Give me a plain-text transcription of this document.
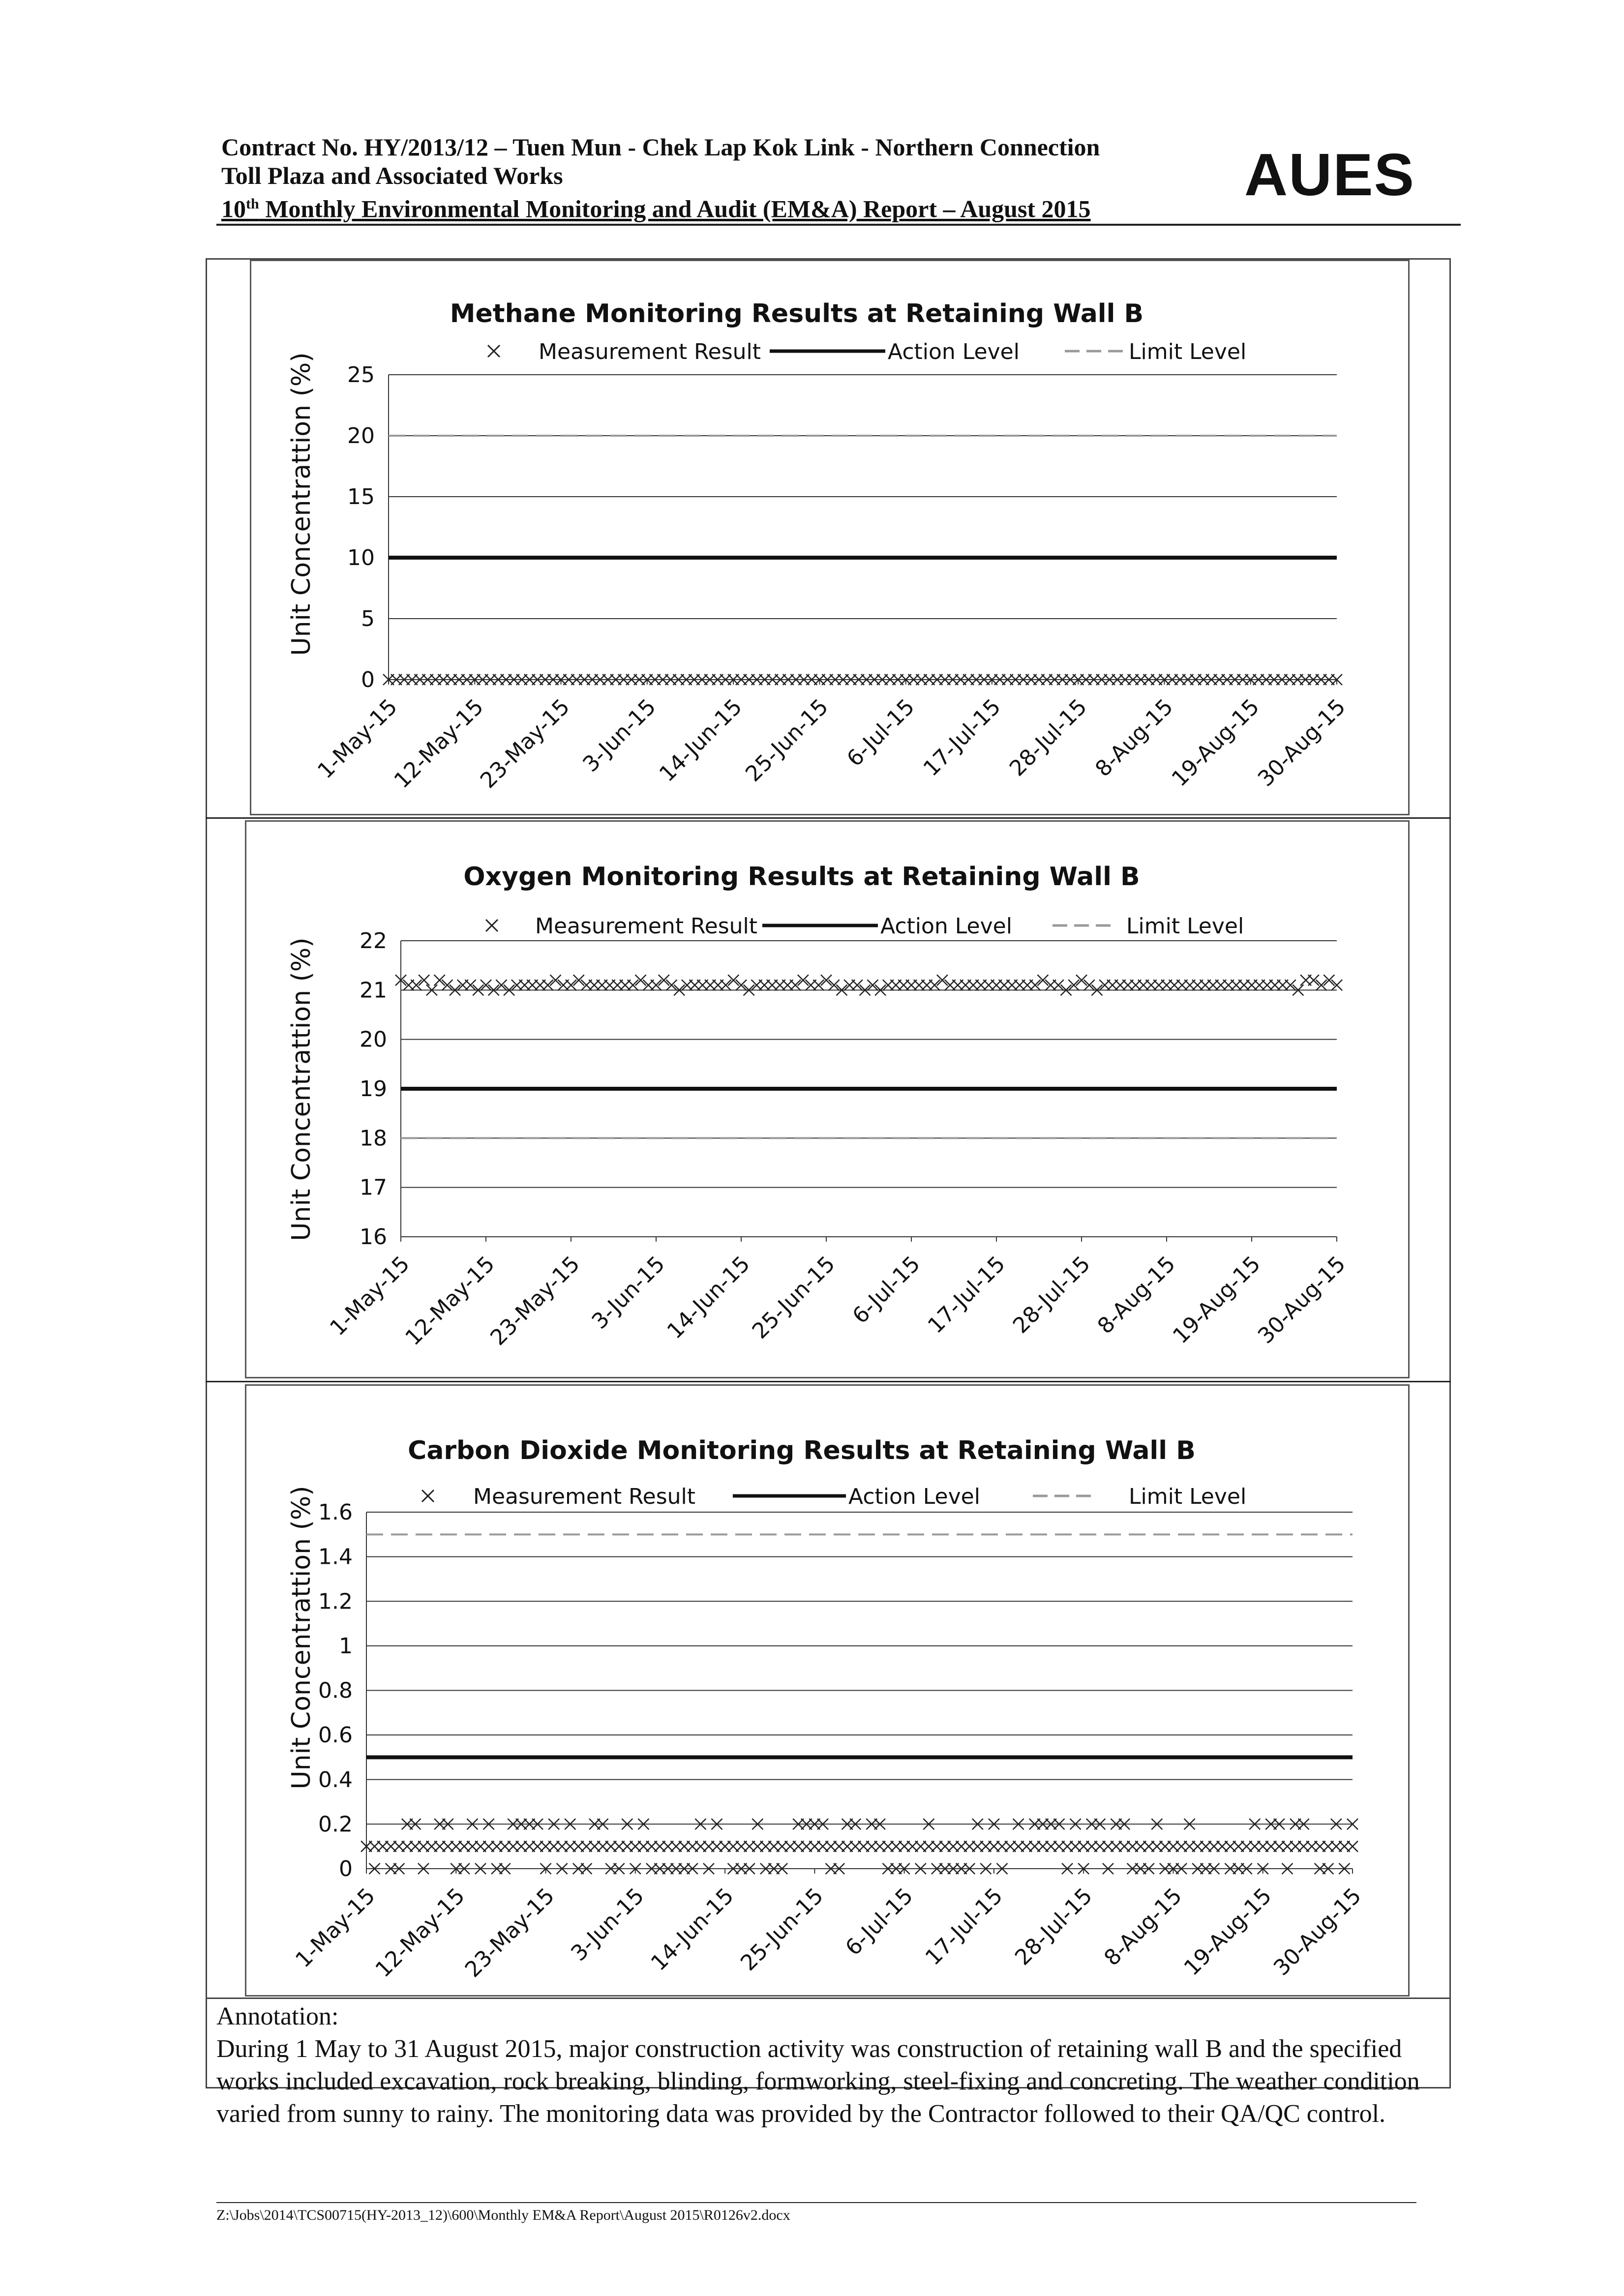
Contract No. HY/2013/12 – Tuen Mun - Chek Lap Kok Link - Northern Connection
Toll Plaza and Associated Works
10th Monthly Environmental Monitoring and Audit (EM&A) Report – August 2015
AUES
Methane Monitoring Results at Retaining Wall B
Measurement Result	Action Level	Limit Level
Unit Concentrattion (%)
0
5
10
15
20
25
1-May-15
12-May-15
23-May-15 3-Jun-15
14-Jun-15
25-Jun-15 6-Jul-15
17-Jul-15
28-Jul-15
8-Aug-15
19-Aug-15
30-Aug-15
Oxygen Monitoring Results at Retaining Wall B
Measurement Result	Action Level	Limit Level
Unit Concentrattion (%) 16
17
18
19
20
21
22
1-May-15
12-May-15
23-May-15 3-Jun-15
14-Jun-15
25-Jun-15 6-Jul-15
17-Jul-15
28-Jul-15
8-Aug-15
19-Aug-15
30-Aug-15
Carbon Dioxide Monitoring Results at Retaining Wall B
Measurement Result	Action Level	Limit Level
Unit Concentrattion (%)
0
0.2
0.4
0.6
0.8
1
1.2
1.4
1.6
1-May-15
12-May-15
23-May-15 3-Jun-15
14-Jun-15
25-Jun-15 6-Jul-15 17-Jul-15 28-Jul-15 8-Aug-15
19-Aug-15
30-Aug-15
Annotation:
During 1 May to 31 August 2015, major construction activity was construction of retaining wall B and the specified works included excavation, rock breaking, blinding, formworking, steel-fixing and concreting. The weather condition varied from sunny to rainy. The monitoring data was provided by the Contractor followed to their QA/QC control.
Z:\Jobs\2014\TCS00715(HY-2013_12)\600\Monthly EM&A Report\August 2015\R0126v2.docx
